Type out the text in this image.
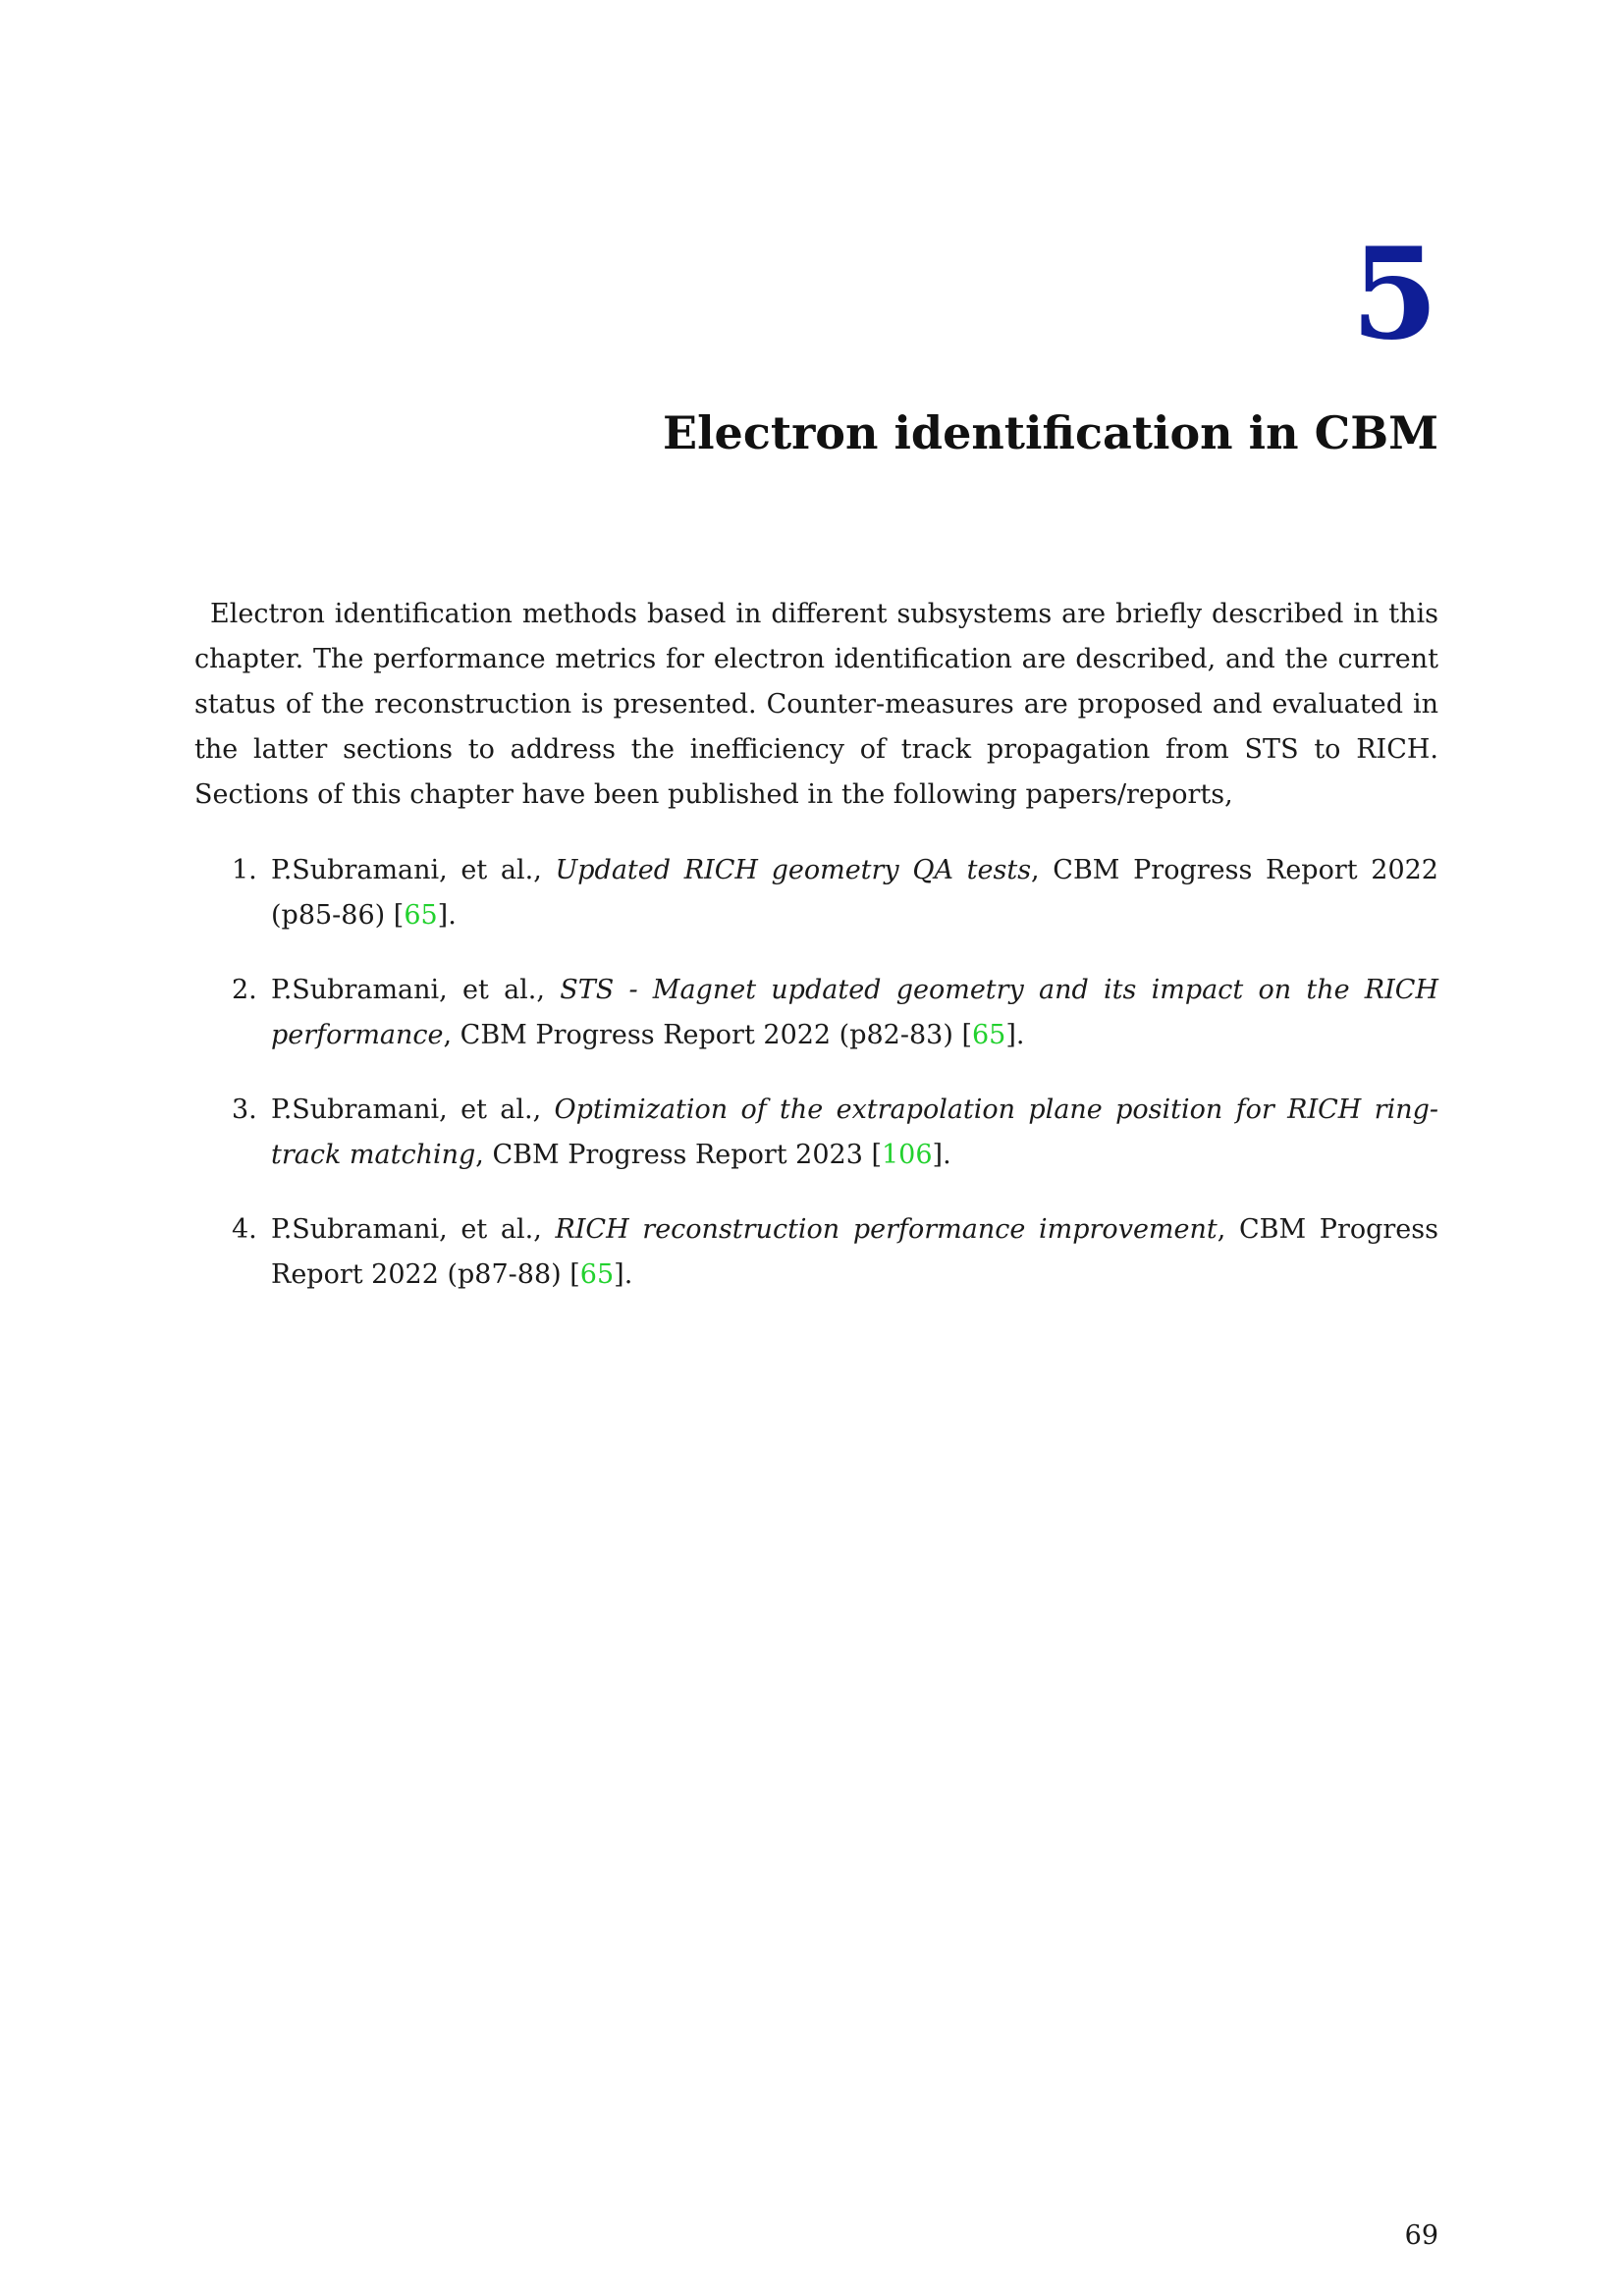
5
Electron identification in CBM

Electron identification methods based in different subsystems are briefly described in this chapter. The performance metrics for electron identification are described, and the current status of the reconstruction is presented. Counter-measures are proposed and evaluated in the latter sections to address the inefficiency of track propagation from STS to RICH. Sections of this chapter have been published in the following papers/reports,

1. P.Subramani, et al., Updated RICH geometry QA tests, CBM Progress Report 2022 (p85-86) [65].
2. P.Subramani, et al., STS - Magnet updated geometry and its impact on the RICH performance, CBM Progress Report 2022 (p82-83) [65].
3. P.Subramani, et al., Optimization of the extrapolation plane position for RICH ring-track matching, CBM Progress Report 2023 [106].
4. P.Subramani, et al., RICH reconstruction performance improvement, CBM Progress Report 2022 (p87-88) [65].
69
